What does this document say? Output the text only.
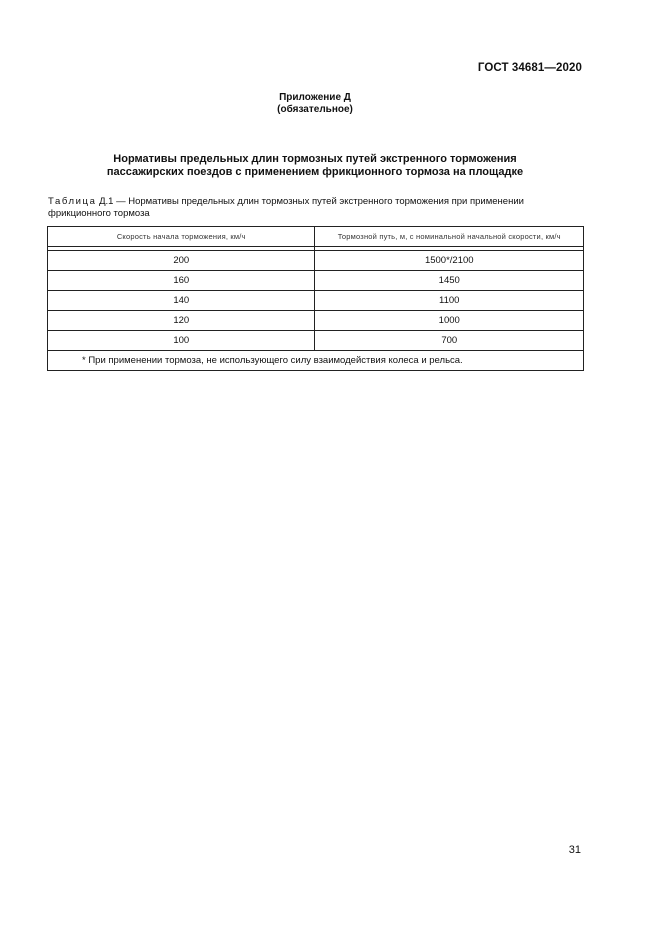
ГОСТ 34681—2020
Приложение Д
(обязательное)
Нормативы предельных длин тормозных путей экстренного торможения
пассажирских поездов с применением фрикционного тормоза на площадке
Таблица Д.1 — Нормативы предельных длин тормозных путей экстренного торможения при применении фрикционного тормоза
Скорость начала торможения, км/ч	Тормозной путь, м, с номинальной начальной скорости, км/ч

200	1500*/2100
160	1450
140	1100
120	1000
100	700
* При применении тормоза, не использующего силу взаимодействия колеса и рельса.	
31
